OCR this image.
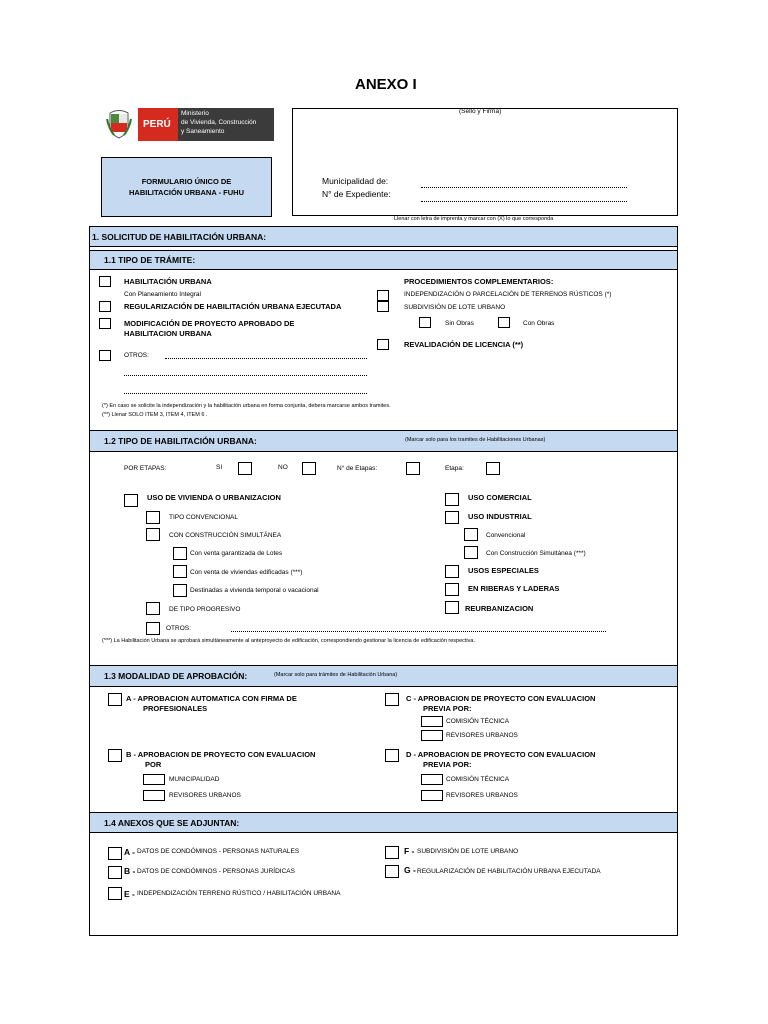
ANEXO I
PERÚ
Ministerio
de Vivienda, Construcción
y Saneamiento
FORMULARIO ÚNICO DE
HABILITACIÓN URBANA - FUHU
(Sello y Firma)
Municipalidad de:
N° de Expediente:
Llenar con letra de imprenta y marcar con (X) lo que corresponda
1. SOLICITUD DE HABILITACIÓN URBANA:
1.1 TIPO DE TRÁMITE:
HABILITACIÓN URBANA
Con Planeamiento Integral
REGULARIZACIÓN DE HABILITACIÓN URBANA EJECUTADA
MODIFICACIÓN DE PROYECTO APROBADO DE
HABILITACION URBANA
OTROS:
PROCEDIMIENTOS COMPLEMENTARIOS:
INDEPENDIZACIÓN O PARCELACIÓN DE TERRENOS RÚSTICOS (*)
SUBDIVISIÓN DE LOTE URBANO
Sin Obras	Con Obras
REVALIDACIÓN DE LICENCIA (**)
(*) En caso se solicite la independización y la habilitación urbana en forma conjunta, debera marcarse ambos tramites.
(**) Llenar SOLO ITEM 3, ITEM 4, ITEM 6 .
1.2 TIPO DE HABILITACIÓN URBANA:	(Marcar solo para los tramites de Habilitaciones Urbanas)
POR ETAPAS:	SI	NO	N° de Etapas:	Etapa:
USO DE VIVIENDA O URBANIZACION
TIPO CONVENCIONAL
CON CONSTRUCCIÓN SIMULTÁNEA
Con venta garantizada de Lotes
Con venta de viviendas edificadas (***)
Destinadas a vivienda temporal o vacacional
DE TIPO PROGRESIVO
OTROS:
USO COMERCIAL
USO INDUSTRIAL
Convencional
Con Construcción Simultánea (***)
USOS ESPECIALES
EN RIBERAS Y LADERAS
REURBANIZACION
(***) La Habilitación Urbana se aprobará simultáneamente al anteproyecto de edificación, correspondiendo gestionar la licencia de edificación respectiva.
1.3 MODALIDAD DE APROBACIÓN:	(Marcar solo para trámites de Habilitación Urbana)
A - APROBACION AUTOMATICA CON FIRMA DE
PROFESIONALES
B - APROBACION DE PROYECTO CON EVALUACION
POR
MUNICIPALIDAD
REVISORES URBANOS
C - APROBACION DE PROYECTO CON EVALUACION
PREVIA POR:
COMISIÓN TÉCNICA
REVISORES URBANOS
D - APROBACION DE PROYECTO CON EVALUACION
PREVIA POR:
COMISIÓN TÉCNICA
REVISORES URBANOS
1.4 ANEXOS QUE SE ADJUNTAN:
A - DATOS DE CONDÓMINOS - PERSONAS NATURALES
B - DATOS DE CONDÓMINOS - PERSONAS JURÍDICAS
E - INDEPENDIZACIÓN TERRENO RÚSTICO / HABILITACIÓN URBANA
F - SUBDIVISIÓN DE LOTE URBANO
G - REGULARIZACIÓN DE HABILITACIÓN URBANA EJECUTADA
